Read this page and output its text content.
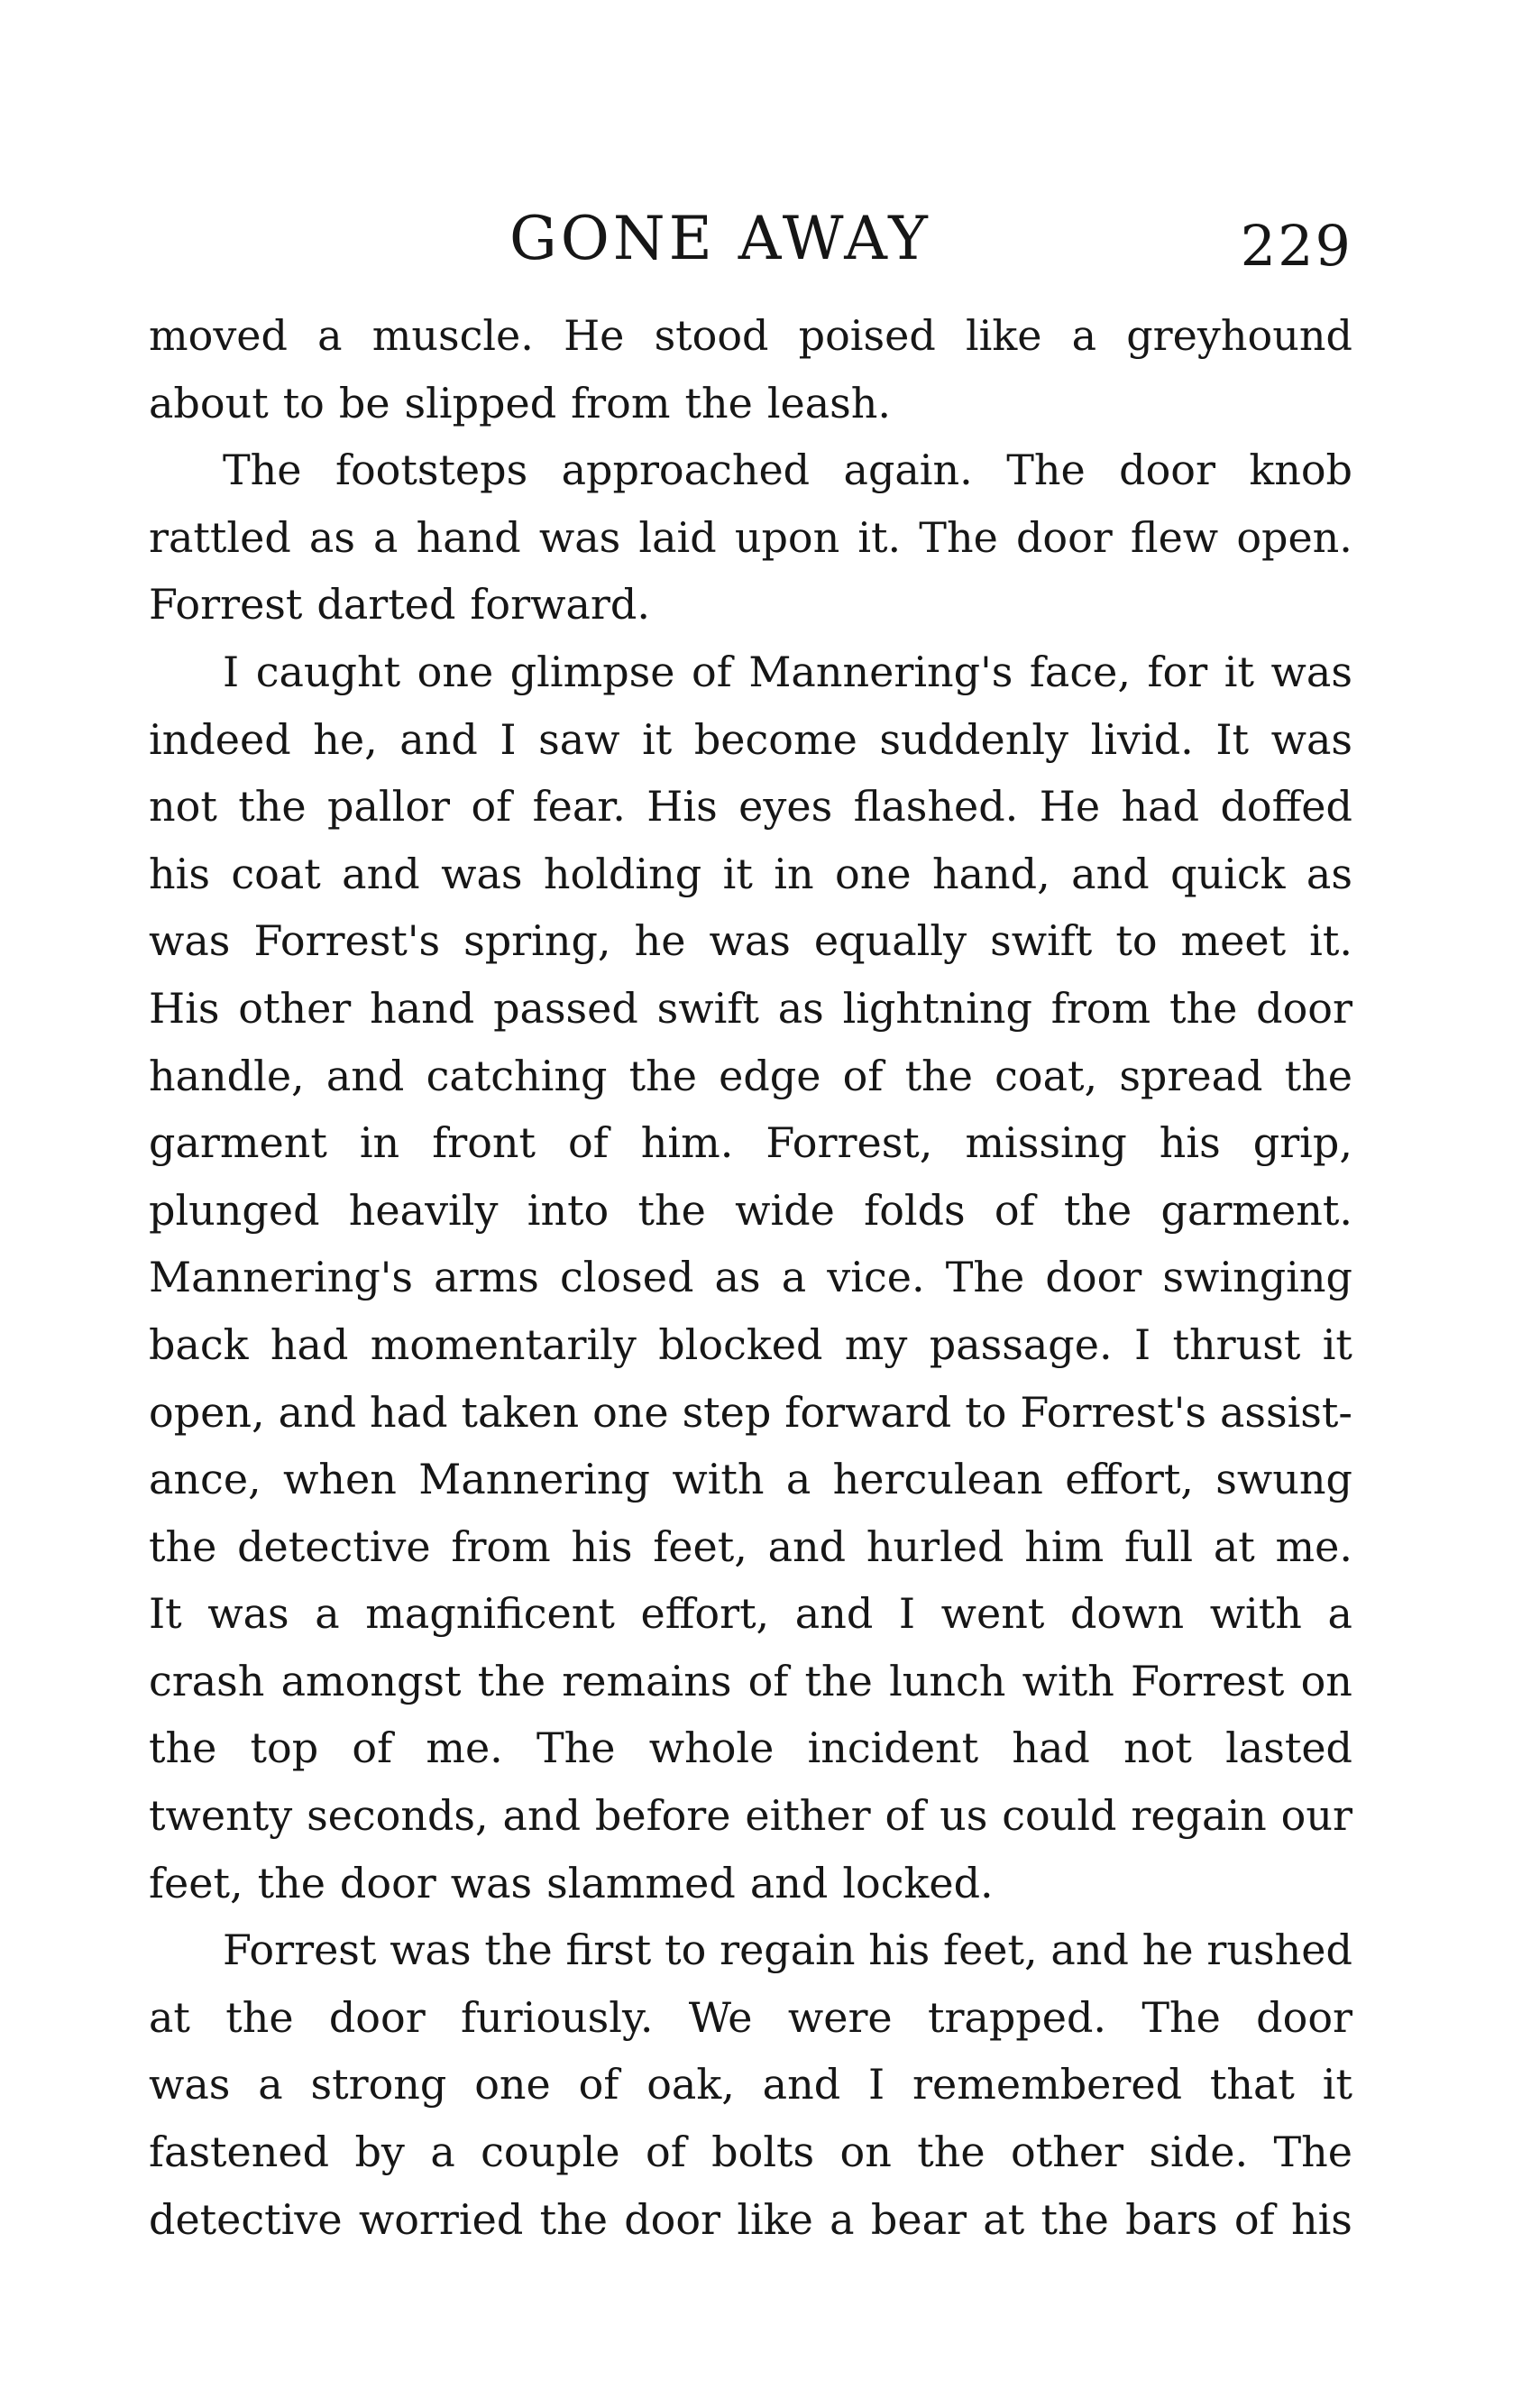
GONE AWAY	229
moved a muscle. He stood poised like a greyhound
about to be slipped from the leash.
The footsteps approached again. The door knob
rattled as a hand was laid upon it. The door flew open.
Forrest darted forward.
I caught one glimpse of Mannering's face, for it was
indeed he, and I saw it become suddenly livid. It was
not the pallor of fear. His eyes flashed. He had doffed
his coat and was holding it in one hand, and quick as
was Forrest's spring, he was equally swift to meet it.
His other hand passed swift as lightning from the door
handle, and catching the edge of the coat, spread the
garment in front of him. Forrest, missing his grip,
plunged heavily into the wide folds of the garment.
Mannering's arms closed as a vice. The door swinging
back had momentarily blocked my passage. I thrust it
open, and had taken one step forward to Forrest's assist-
ance, when Mannering with a herculean effort, swung
the detective from his feet, and hurled him full at me.
It was a magnificent effort, and I went down with a
crash amongst the remains of the lunch with Forrest on
the top of me. The whole incident had not lasted
twenty seconds, and before either of us could regain our
feet, the door was slammed and locked.
Forrest was the first to regain his feet, and he rushed
at the door furiously. We were trapped. The door
was a strong one of oak, and I remembered that it
fastened by a couple of bolts on the other side. The
detective worried the door like a bear at the bars of his
